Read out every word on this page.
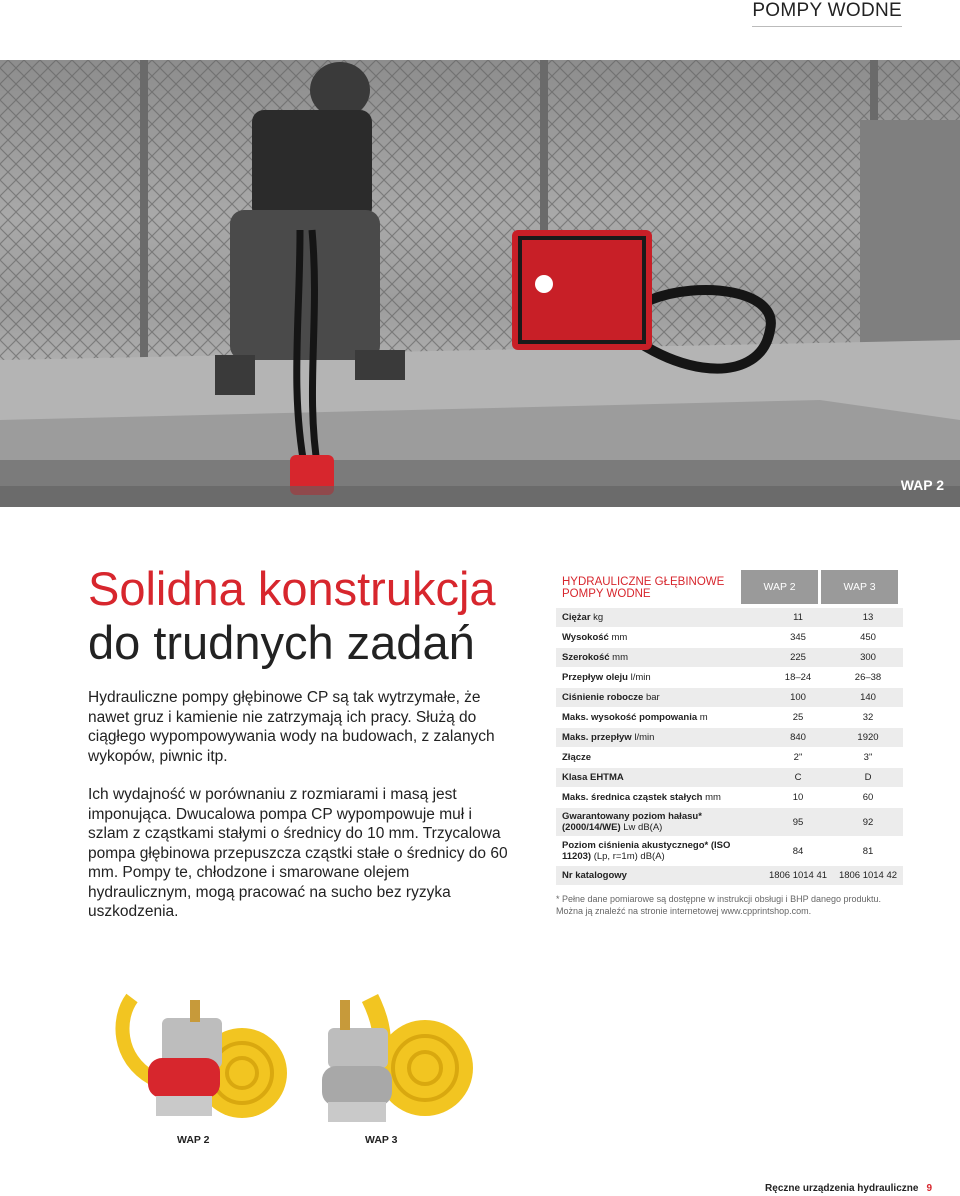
POMPY WODNE
WAP 2
Solidna konstrukcja
do trudnych zadań
Hydrauliczne pompy głębinowe CP są tak wytrzymałe, że nawet gruz i kamienie nie zatrzymają ich pracy. Służą do ciągłego wypompowywania wody na budowach, z zalanych wykopów, piwnic itp.
Ich wydajność w porównaniu z rozmiarami i masą jest imponująca. Dwucalowa pompa CP wypompowuje muł i szlam z cząstkami stałymi o średnicy do 10 mm. Trzycalowa pompa głębinowa przepuszcza cząstki stałe o średnicy do 60 mm. Pompy te, chłodzone i smarowane olejem hydraulicznym, mogą pracować na sucho bez ryzyka uszkodzenia.
HYDRAULICZNE GŁĘBINOWE POMPY WODNE
WAP 2	WAP 3
Ciężar kg	11	13
Wysokość mm	345	450
Szerokość mm	225	300
Przepływ oleju l/min	18–24	26–38
Ciśnienie robocze bar	100	140
Maks. wysokość pompowania m	25	32
Maks. przepływ l/min	840	1920
Złącze	2"	3"
Klasa EHTMA	C	D
Maks. średnica cząstek stałych mm	10	60
Gwarantowany poziom hałasu* (2000/14/WE) Lw dB(A)	95	92
Poziom ciśnienia akustycznego* (ISO 11203) (Lp, r=1m) dB(A)	84	81
Nr katalogowy	1806 1014 41	1806 1014 42
* Pełne dane pomiarowe są dostępne w instrukcji obsługi i BHP danego produktu. Można ją znaleźć na stronie internetowej www.cpprintshop.com.
WAP 2	WAP 3
Ręczne urządzenia hydrauliczne 9
